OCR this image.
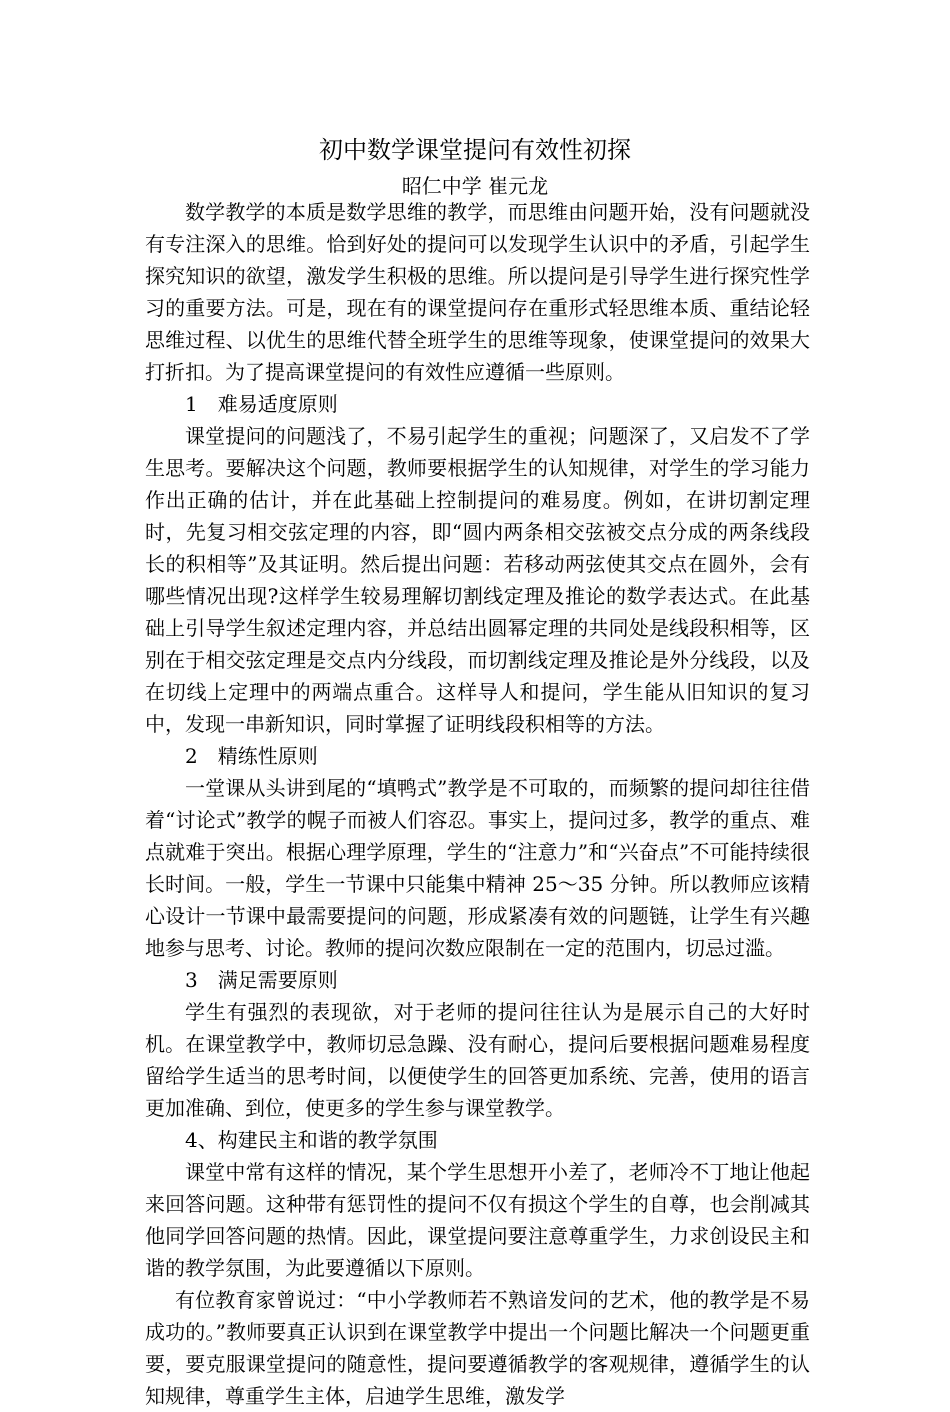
初中数学课堂提问有效性初探
昭仁中学 崔元龙

数学教学的本质是数学思维的教学，而思维由问题开始，没有问题就没有专注深入的思维。恰到好处的提问可以发现学生认识中的矛盾，引起学生探究知识的欲望，激发学生积极的思维。所以提问是引导学生进行探究性学习的重要方法。可是，现在有的课堂提问存在重形式轻思维本质、重结论轻思维过程、以优生的思维代替全班学生的思维等现象，使课堂提问的效果大打折扣。为了提高课堂提问的有效性应遵循一些原则。

1　难易适度原则

课堂提问的问题浅了，不易引起学生的重视；问题深了，又启发不了学生思考。要解决这个问题，教师要根据学生的认知规律，对学生的学习能力作出正确的估计，并在此基础上控制提问的难易度。例如，在讲切割定理时，先复习相交弦定理的内容，即“圆内两条相交弦被交点分成的两条线段长的积相等”及其证明。然后提出问题：若移动两弦使其交点在圆外，会有哪些情况出现?这样学生较易理解切割线定理及推论的数学表达式。在此基础上引导学生叙述定理内容，并总结出圆幂定理的共同处是线段积相等，区别在于相交弦定理是交点内分线段，而切割线定理及推论是外分线段，以及在切线上定理中的两端点重合。这样导人和提问，学生能从旧知识的复习中，发现一串新知识，同时掌握了证明线段积相等的方法。

2　精练性原则

一堂课从头讲到尾的“填鸭式”教学是不可取的，而频繁的提问却往往借着“讨论式”教学的幌子而被人们容忍。事实上，提问过多，教学的重点、难点就难于突出。根据心理学原理，学生的“注意力”和“兴奋点”不可能持续很长时间。一般，学生一节课中只能集中精神 25～35 分钟。所以教师应该精心设计一节课中最需要提问的问题，形成紧凑有效的问题链，让学生有兴趣地参与思考、讨论。教师的提问次数应限制在一定的范围内，切忌过滥。

3　满足需要原则

学生有强烈的表现欲，对于老师的提问往往认为是展示自己的大好时机。在课堂教学中，教师切忌急躁、没有耐心，提问后要根据问题难易程度留给学生适当的思考时间，以便使学生的回答更加系统、完善，使用的语言更加准确、到位，使更多的学生参与课堂教学。

4、构建民主和谐的教学氛围

课堂中常有这样的情况，某个学生思想开小差了，老师冷不丁地让他起来回答问题。这种带有惩罚性的提问不仅有损这个学生的自尊，也会削减其他同学回答问题的热情。因此，课堂提问要注意尊重学生，力求创设民主和谐的教学氛围，为此要遵循以下原则。

有位教育家曾说过：“中小学教师若不熟谙发问的艺术，他的教学是不易成功的。”教师要真正认识到在课堂教学中提出一个问题比解决一个问题更重要，要克服课堂提问的随意性，提问要遵循教学的客观规律，遵循学生的认知规律，尊重学生主体，启迪学生思维，激发学
